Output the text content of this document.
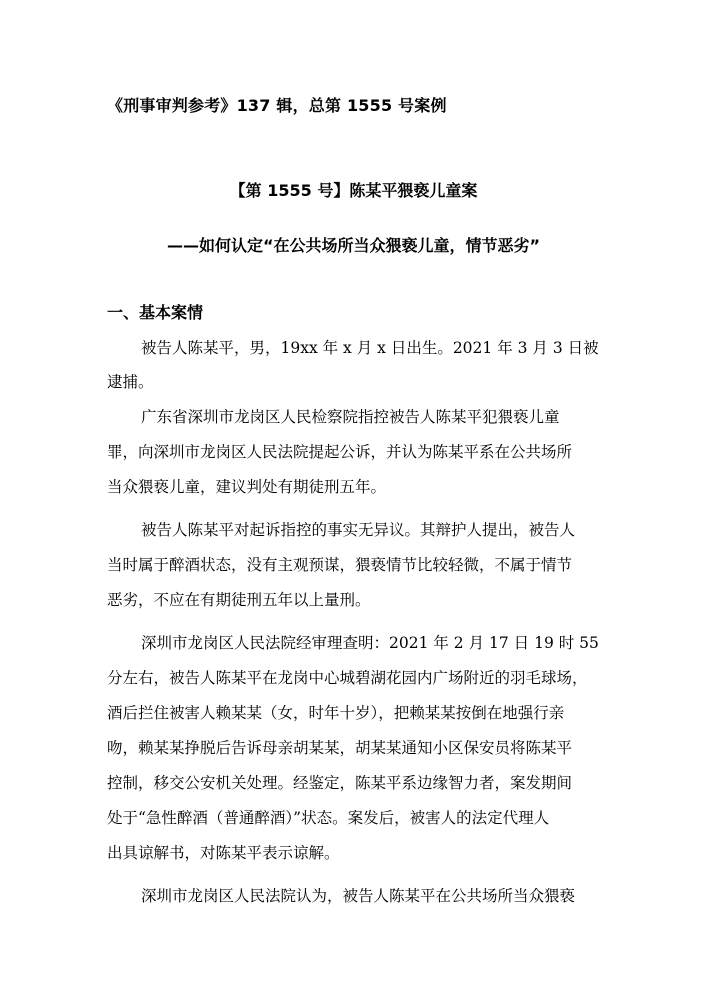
《刑事审判参考》137 辑，总第 1555 号案例
【第 1555 号】陈某平猥亵儿童案
——如何认定“在公共场所当众猥亵儿童，情节恶劣”
一、基本案情
被告人陈某平，男，19xx 年 x 月 x 日出生。2021 年 3 月 3 日被
逮捕。
广东省深圳市龙岗区人民检察院指控被告人陈某平犯猥亵儿童
罪，向深圳市龙岗区人民法院提起公诉，并认为陈某平系在公共场所
当众猥亵儿童，建议判处有期徒刑五年。
被告人陈某平对起诉指控的事实无异议。其辩护人提出，被告人
当时属于醉酒状态，没有主观预谋，猥亵情节比较轻微，不属于情节
恶劣，不应在有期徒刑五年以上量刑。
深圳市龙岗区人民法院经审理查明：2021 年 2 月 17 日 19 时 55
分左右，被告人陈某平在龙岗中心城碧湖花园内广场附近的羽毛球场，
酒后拦住被害人赖某某（女，时年十岁），把赖某某按倒在地强行亲
吻，赖某某挣脱后告诉母亲胡某某，胡某某通知小区保安员将陈某平
控制，移交公安机关处理。经鉴定，陈某平系边缘智力者，案发期间
处于“急性醉酒（普通醉酒）”状态。案发后，被害人的法定代理人
出具谅解书，对陈某平表示谅解。
深圳市龙岗区人民法院认为，被告人陈某平在公共场所当众猥亵
